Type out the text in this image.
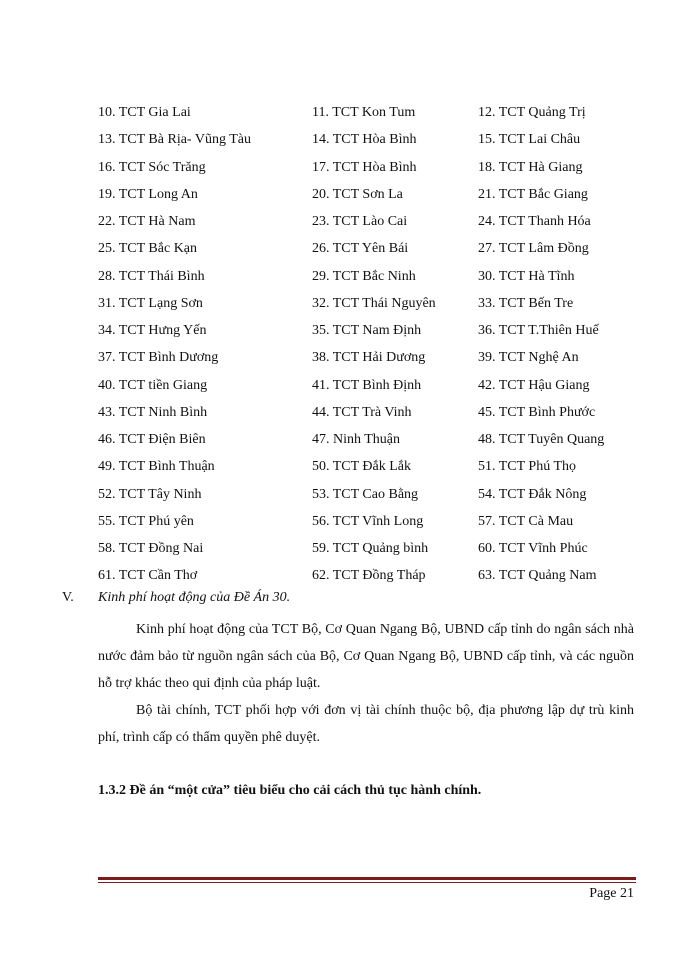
10. TCT Gia Lai	11. TCT Kon Tum	12. TCT Quảng Trị
13. TCT Bà Rịa- Vũng Tàu	14. TCT Hòa Bình	15. TCT Lai Châu
16. TCT Sóc Trăng	17. TCT Hòa Bình	18. TCT Hà Giang
19. TCT Long An	20. TCT Sơn La	21. TCT Bắc Giang
22. TCT Hà Nam	23. TCT Lào Cai	24. TCT Thanh Hóa
25. TCT Bắc Kạn	26. TCT Yên Bái	27. TCT Lâm Đồng
28. TCT Thái Bình	29. TCT Bắc Ninh	30. TCT Hà Tĩnh
31. TCT Lạng Sơn	32. TCT Thái Nguyên	33. TCT Bến Tre
34. TCT Hưng Yến	35. TCT Nam Định	36. TCT T.Thiên Huế
37. TCT Bình Dương	38. TCT Hải Dương	39. TCT Nghệ An
40. TCT tiền Giang	41. TCT Bình Định	42. TCT Hậu Giang
43. TCT Ninh Bình	44. TCT Trà Vinh	45. TCT Bình Phước
46. TCT Điện Biên	47. Ninh Thuận	48. TCT Tuyên Quang
49. TCT Bình Thuận	50. TCT Đắk Lắk	51. TCT Phú Thọ
52. TCT Tây Ninh	53. TCT Cao Bằng	54. TCT Đắk Nông
55. TCT Phú yên	56. TCT Vĩnh Long	57. TCT Cà Mau
58. TCT Đồng Nai	59. TCT Quảng bình	60. TCT Vĩnh Phúc
61. TCT Cần Thơ	62. TCT Đồng Tháp	63. TCT Quảng Nam
V. Kinh phí hoạt động của Đề Án 30.
Kinh phí hoạt động của TCT Bộ, Cơ Quan Ngang Bộ, UBND cấp tỉnh do ngân sách nhà nước đảm bảo từ nguồn ngân sách của Bộ, Cơ Quan Ngang Bộ, UBND cấp tỉnh, và các nguồn hỗ trợ khác theo qui định của pháp luật.
Bộ tài chính, TCT phối hợp với đơn vị tài chính thuộc bộ, địa phương lập dự trù kinh phí, trình cấp có thẩm quyền phê duyệt.
1.3.2 Đề án “một cửa” tiêu biểu cho cải cách thủ tục hành chính.
Page 21
